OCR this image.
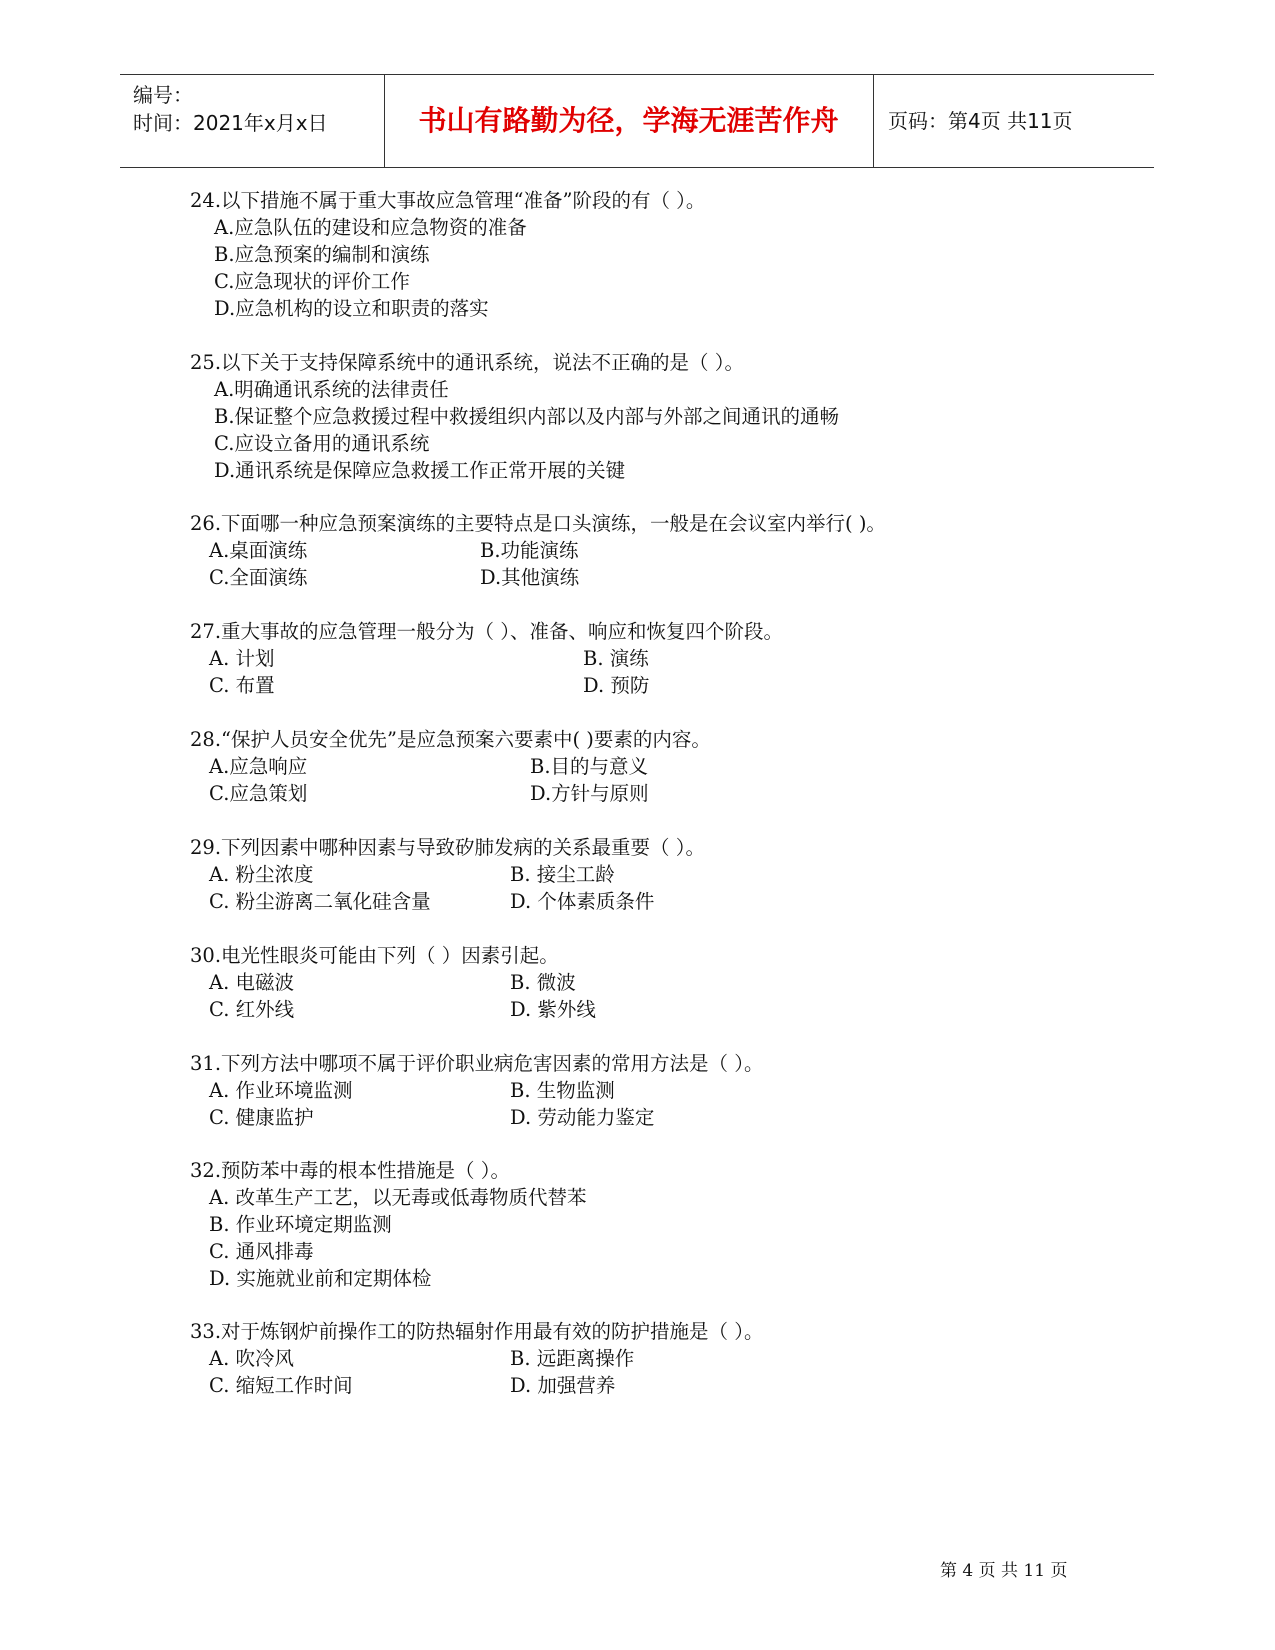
编号：
时间：2021年x月x日	书山有路勤为径，学海无涯苦作舟	页码：第4页 共11页
24.以下措施不属于重大事故应急管理“准备”阶段的有（ ）。
A.应急队伍的建设和应急物资的准备
B.应急预案的编制和演练
C.应急现状的评价工作
D.应急机构的设立和职责的落实
25.以下关于支持保障系统中的通讯系统，说法不正确的是（ ）。
A.明确通讯系统的法律责任
B.保证整个应急救援过程中救援组织内部以及内部与外部之间通讯的通畅
C.应设立备用的通讯系统
D.通讯系统是保障应急救援工作正常开展的关键
26.下面哪一种应急预案演练的主要特点是口头演练，一般是在会议室内举行( )。
A.桌面演练	B.功能演练
C.全面演练	D.其他演练
27.重大事故的应急管理一般分为（ ）、准备、响应和恢复四个阶段。
A. 计划	B. 演练
C. 布置	D. 预防
28.“保护人员安全优先”是应急预案六要素中( )要素的内容。
A.应急响应	B.目的与意义
C.应急策划	D.方针与原则
29.下列因素中哪种因素与导致矽肺发病的关系最重要（ ）。
A. 粉尘浓度	B. 接尘工龄
C. 粉尘游离二氧化硅含量	D. 个体素质条件
30.电光性眼炎可能由下列（ ）因素引起。
A. 电磁波	B. 微波
C. 红外线	D. 紫外线
31.下列方法中哪项不属于评价职业病危害因素的常用方法是（ ）。
A. 作业环境监测	B. 生物监测
C. 健康监护	D. 劳动能力鉴定
32.预防苯中毒的根本性措施是（ ）。
A. 改革生产工艺，以无毒或低毒物质代替苯
B. 作业环境定期监测
C. 通风排毒
D. 实施就业前和定期体检
33.对于炼钢炉前操作工的防热辐射作用最有效的防护措施是（ ）。
A. 吹冷风	B. 远距离操作
C. 缩短工作时间	D. 加强营养
第 4 页 共 11 页
